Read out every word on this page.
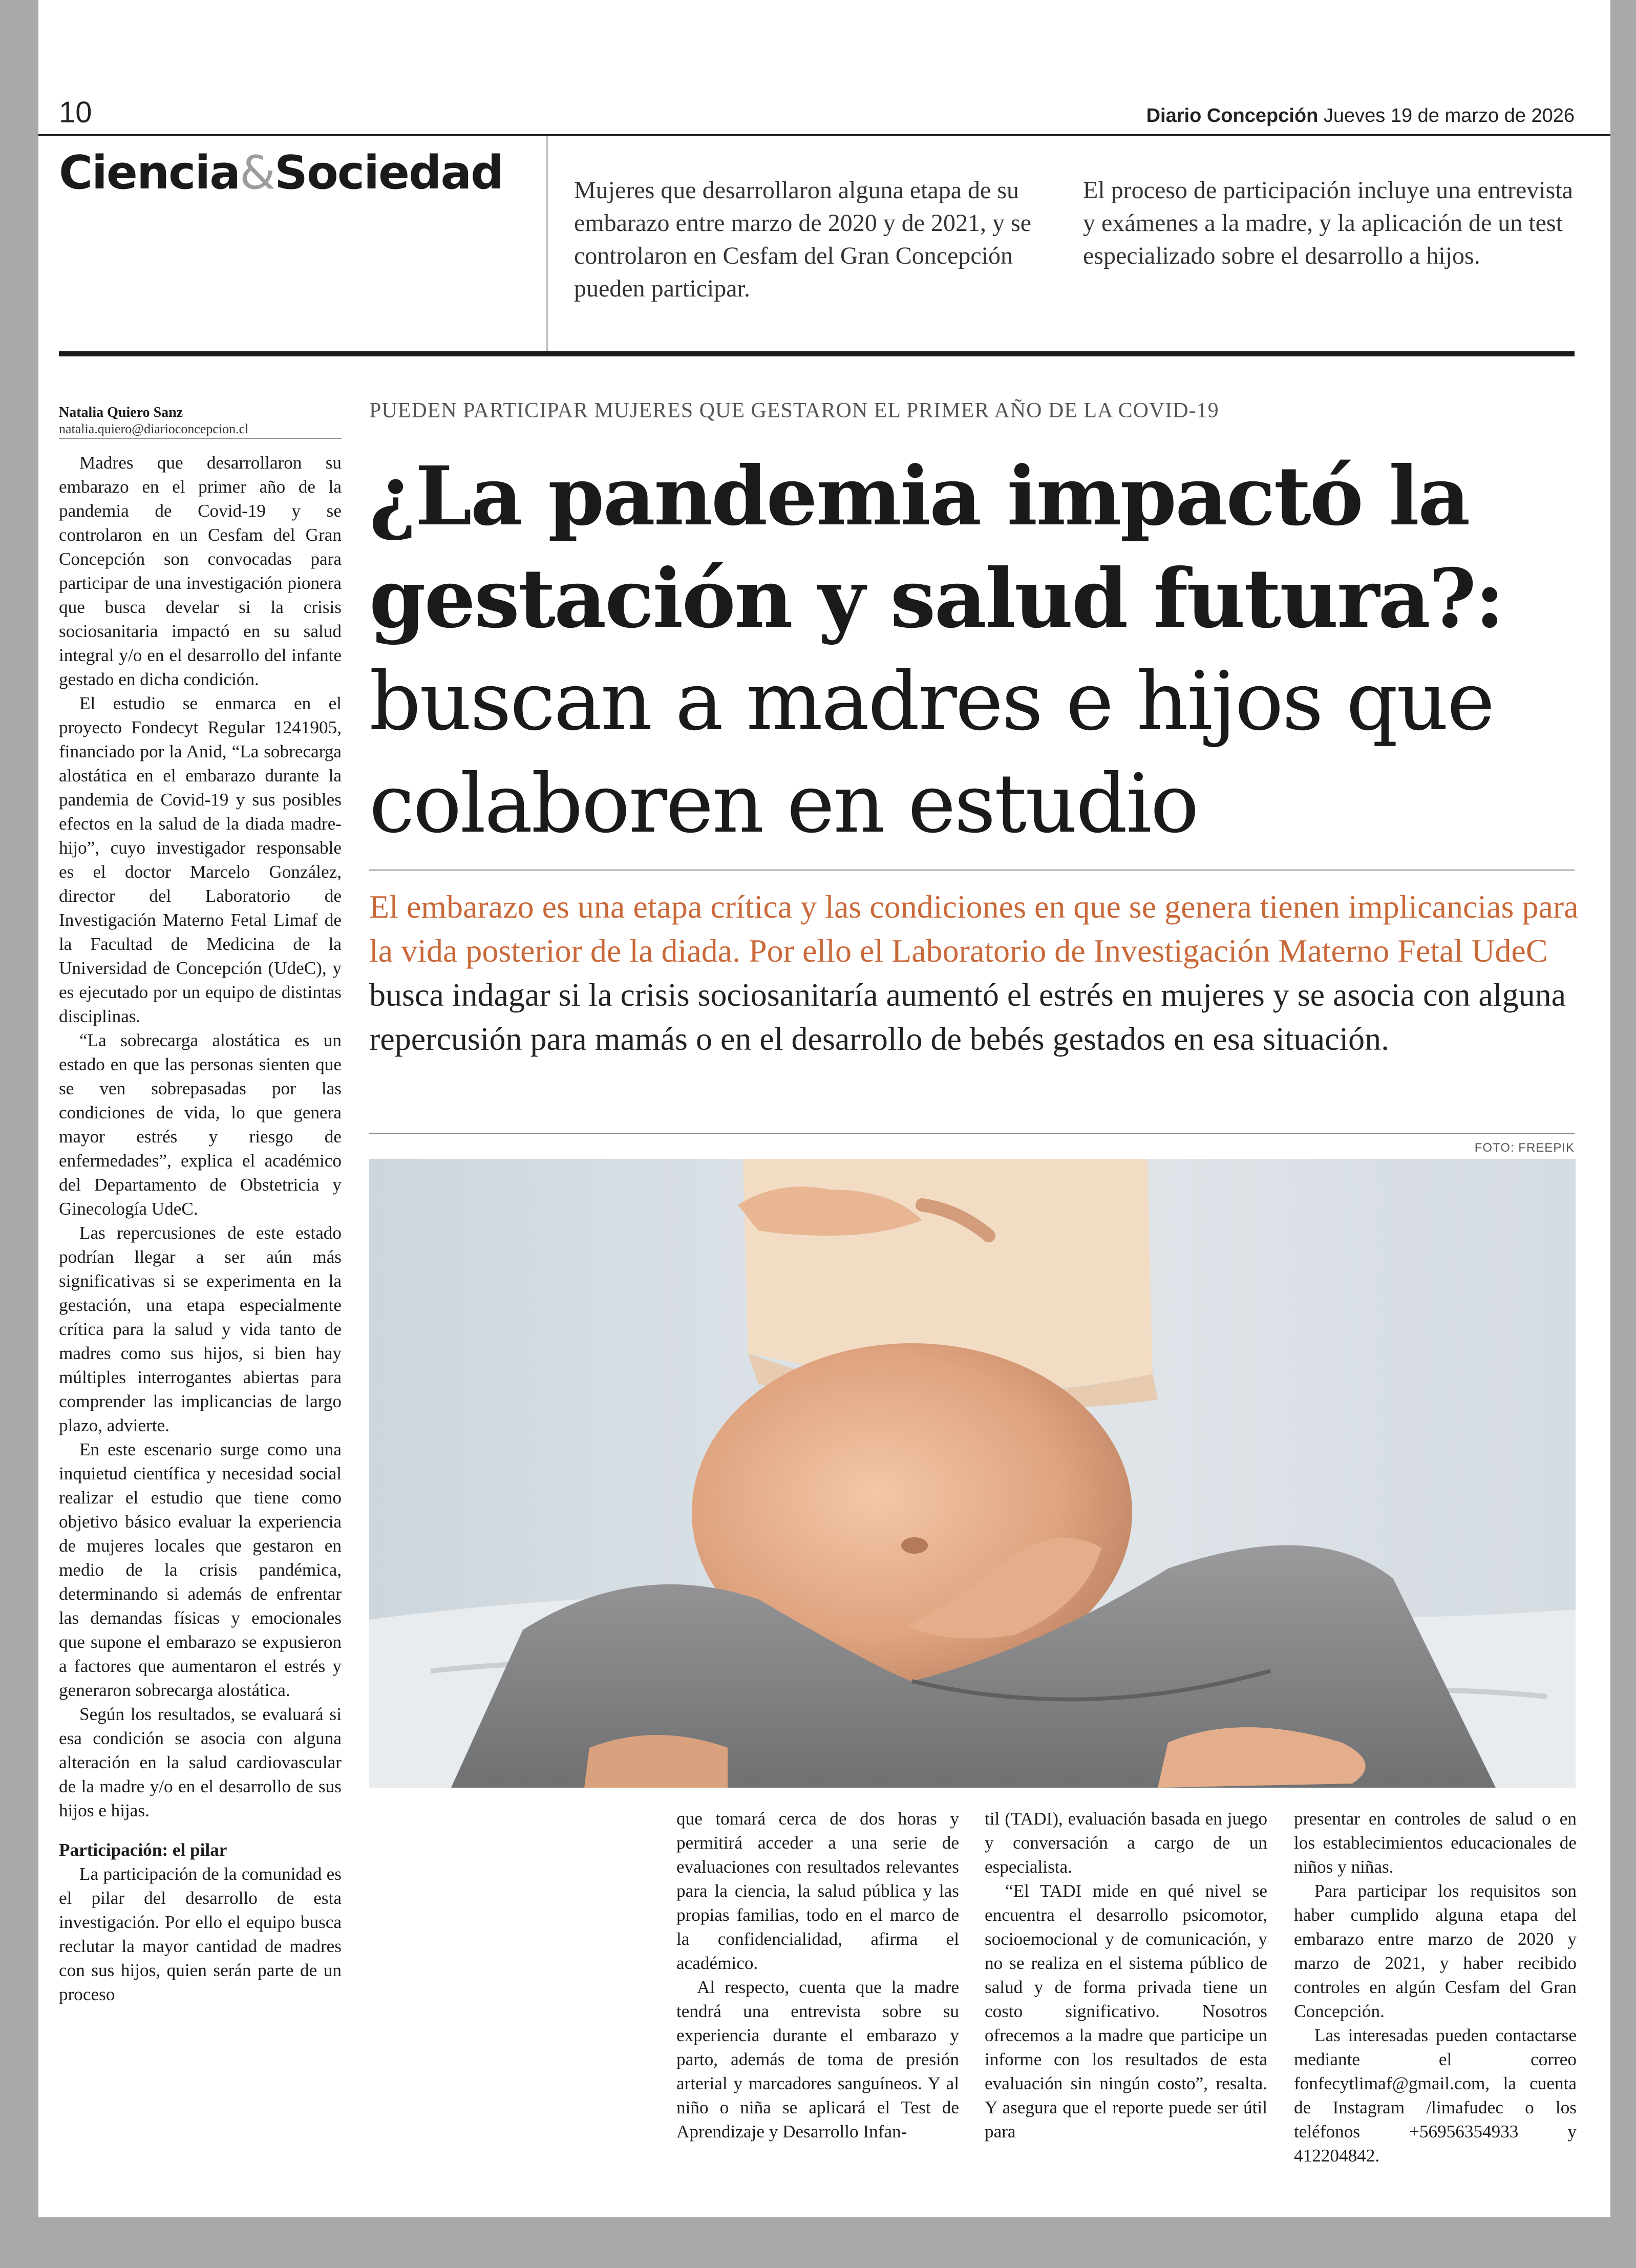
10	Diario Concepción Jueves 19 de marzo de 2026
Ciencia&Sociedad	Mujeres que desarrollaron alguna etapa de su embarazo entre marzo de 2020 y de 2021, y se controlaron en Cesfam del Gran Concepción pueden participar.
El proceso de participación incluye una entrevista y exámenes a la madre, y la aplicación de un test especializado sobre el desarrollo a hijos.
Natalia Quiero Sanz
natalia.quiero@diarioconcepcion.cl

Madres que desarrollaron su embarazo en el primer año de la pandemia de Covid-19 y se controlaron en un Cesfam del Gran Concepción son convocadas para participar de una investigación pionera que busca develar si la crisis sociosanitaria impactó en su salud integral y/o en el desarrollo del infante gestado en dicha condición.

El estudio se enmarca en el proyecto Fondecyt Regular 1241905, financiado por la Anid, “La sobrecarga alostática en el embarazo durante la pandemia de Covid-19 y sus posibles efectos en la salud de la diada madre-hijo”, cuyo investigador responsable es el doctor Marcelo González, director del Laboratorio de Investigación Materno Fetal Limaf de la Facultad de Medicina de la Universidad de Concepción (UdeC), y es ejecutado por un equipo de distintas disciplinas.

“La sobrecarga alostática es un estado en que las personas sienten que se ven sobrepasadas por las condiciones de vida, lo que genera mayor estrés y riesgo de enfermedades”, explica el académico del Departamento de Obstetricia y Ginecología UdeC.

Las repercusiones de este estado podrían llegar a ser aún más significativas si se experimenta en la gestación, una etapa especialmente crítica para la salud y vida tanto de madres como sus hijos, si bien hay múltiples interrogantes abiertas para comprender las implicancias de largo plazo, advierte.

En este escenario surge como una inquietud científica y necesidad social realizar el estudio que tiene como objetivo básico evaluar la experiencia de mujeres locales que gestaron en medio de la crisis pandémica, determinando si además de enfrentar las demandas físicas y emocionales que supone el embarazo se expusieron a factores que aumentaron el estrés y generaron sobrecarga alostática.

Según los resultados, se evaluará si esa condición se asocia con alguna alteración en la salud cardiovascular de la madre y/o en el desarrollo de sus hijos e hijas.

Participación: el pilar

La participación de la comunidad es el pilar del desarrollo de esta investigación. Por ello el equipo busca reclutar la mayor cantidad de madres con sus hijos, quien serán parte de un proceso

PUEDEN PARTICIPAR MUJERES QUE GESTARON EL PRIMER AÑO DE LA COVID-19
¿La pandemia impactó la gestación y salud futura?:
buscan a madres e hijos que colaboren en estudio
El embarazo es una etapa crítica y las condiciones en que se genera tienen implicancias para la vida posterior de la diada. Por ello el Laboratorio de Investigación Materno Fetal UdeC busca indagar si la crisis sociosanitaría aumentó el estrés en mujeres y se asocia con alguna repercusión para mamás o en el desarrollo de bebés gestados en esa situación.
FOTO: FREEPIK

que tomará cerca de dos horas y permitirá acceder a una serie de evaluaciones con resultados relevantes para la ciencia, la salud pública y las propias familias, todo en el marco de la confidencialidad, afirma el académico.

Al respecto, cuenta que la madre tendrá una entrevista sobre su experiencia durante el embarazo y parto, además de toma de presión arterial y marcadores sanguíneos. Y al niño o niña se aplicará el Test de Aprendizaje y Desarrollo Infan-

til (TADI), evaluación basada en juego y conversación a cargo de un especialista.

“El TADI mide en qué nivel se encuentra el desarrollo psicomotor, socioemocional y de comunicación, y no se realiza en el sistema público de salud y de forma privada tiene un costo significativo. Nosotros ofrecemos a la madre que participe un informe con los resultados de esta evaluación sin ningún costo”, resalta. Y asegura que el reporte puede ser útil para

presentar en controles de salud o en los establecimientos educacionales de niños y niñas.

Para participar los requisitos son haber cumplido alguna etapa del embarazo entre marzo de 2020 y marzo de 2021, y haber recibido controles en algún Cesfam del Gran Concepción.

Las interesadas pueden contactarse mediante el correo fonfecytlimaf@gmail.com, la cuenta de Instagram /limafudec o los teléfonos +56956354933 y 412204842.
